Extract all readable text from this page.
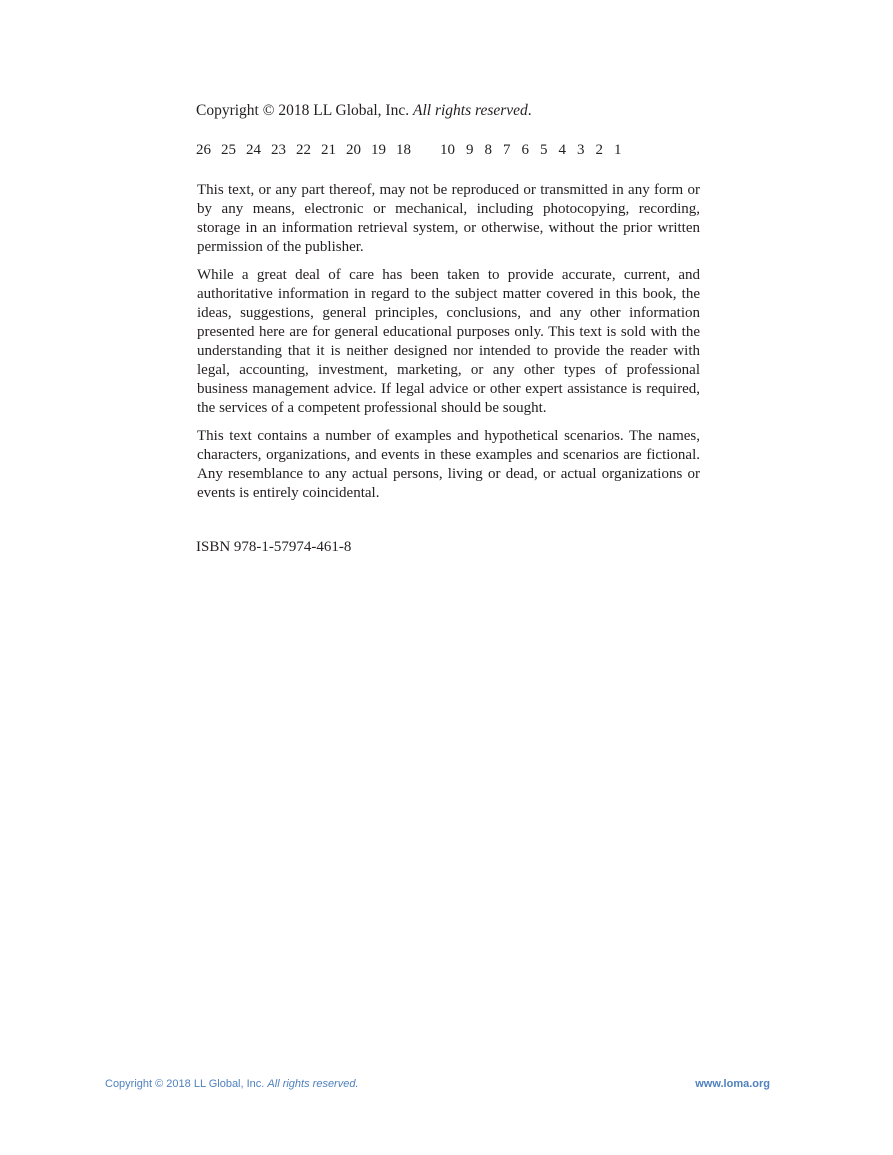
Copyright © 2018 LL Global, Inc. All rights reserved.
26 25 24 23 22 21 20 19 18 10 9 8 7 6 5 4 3 2 1

This text, or any part thereof, may not be reproduced or transmitted in any form or by any means, electronic or mechanical, including photocopying, recording, storage in an information retrieval system, or otherwise, without the prior written permission of the publisher.

While a great deal of care has been taken to provide accurate, current, and authoritative information in regard to the subject matter covered in this book, the ideas, suggestions, general principles, conclusions, and any other information presented here are for general educational purposes only. This text is sold with the understanding that it is neither designed nor intended to provide the reader with legal, accounting, investment, marketing, or any other types of professional business management advice. If legal advice or other expert assistance is required, the services of a competent professional should be sought.

This text contains a number of examples and hypothetical scenarios. The names, characters, organizations, and events in these examples and scenarios are fictional. Any resemblance to any actual persons, living or dead, or actual organizations or events is entirely coincidental.

ISBN 978-1-57974-461-8
Copyright © 2018 LL Global, Inc. All rights reserved.	www.loma.org
